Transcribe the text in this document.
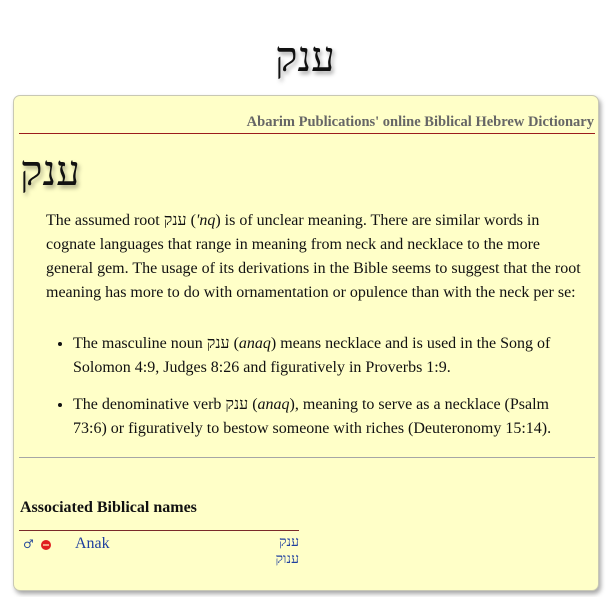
ענק
Abarim Publications' online Biblical Hebrew Dictionary
ענק

The assumed root ענק ('nq) is of unclear meaning. There are similar words in cognate languages that range in meaning from neck and necklace to the more general gem. The usage of its derivations in the Bible seems to suggest that the root meaning has more to do with ornamentation or opulence than with the neck per se:

• The masculine noun ענק (anaq) means necklace and is used in the Song of Solomon 4:9, Judges 8:26 and figuratively in Proverbs 1:9.
• The denominative verb ענק (anaq), meaning to serve as a necklace (Psalm 73:6) or figuratively to bestow someone with riches (Deuteronomy 15:14).
Associated Biblical names
♂	Anak	ענק
ענוק
